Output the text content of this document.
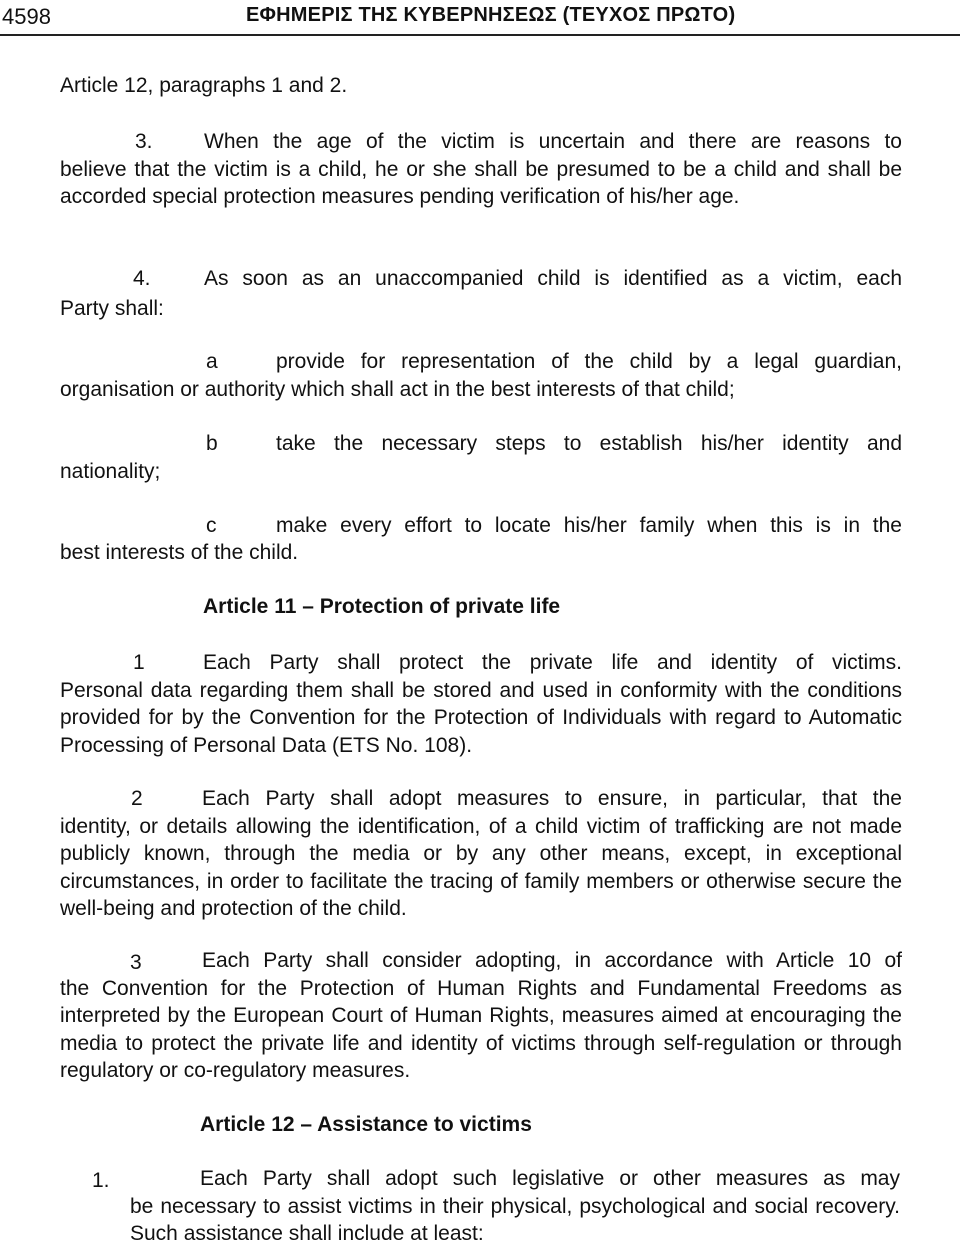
4598	ΕΦΗΜΕΡΙΣ ΤΗΣ ΚΥΒΕΡΝΗΣΕΩΣ (ΤΕΥΧΟΣ ΠΡΩΤΟ)

Article 12, paragraphs 1 and 2.

3. When the age of the victim is uncertain and there are reasons to

believe that the victim is a child, he or she shall be presumed to be a child and shall be accorded special protection measures pending verification of his/her age.

4.	As soon as an unaccompanied child is identified as a victim, each

Party shall:

a	provide for representation of the child by a legal guardian,

organisation or authority which shall act in the best interests of that child;

b	take the necessary steps to establish his/her identity and

nationality;

c	make every effort to locate his/her family when this is in the

best interests of the child.

Article 11 – Protection of private life
1	Each Party shall protect the private life and identity of victims.

Personal data regarding them shall be stored and used in conformity with the conditions provided for by the Convention for the Protection of Individuals with regard to Automatic Processing of Personal Data (ETS No. 108).

2	Each Party shall adopt measures to ensure, in particular, that the

identity, or details allowing the identification, of a child victim of trafficking are not made publicly known, through the media or by any other means, except, in exceptional circumstances, in order to facilitate the tracing of family members or otherwise secure the well-being and protection of the child.

3	Each Party shall consider adopting, in accordance with Article 10 of

the Convention for the Protection of Human Rights and Fundamental Freedoms as interpreted by the European Court of Human Rights, measures aimed at encouraging the media to protect the private life and identity of victims through self-regulation or through regulatory or co-regulatory measures.

Article 12 – Assistance to victims
1.	Each Party shall adopt such legislative or other measures as may

be necessary to assist victims in their physical, psychological and social recovery. Such assistance shall include at least:
